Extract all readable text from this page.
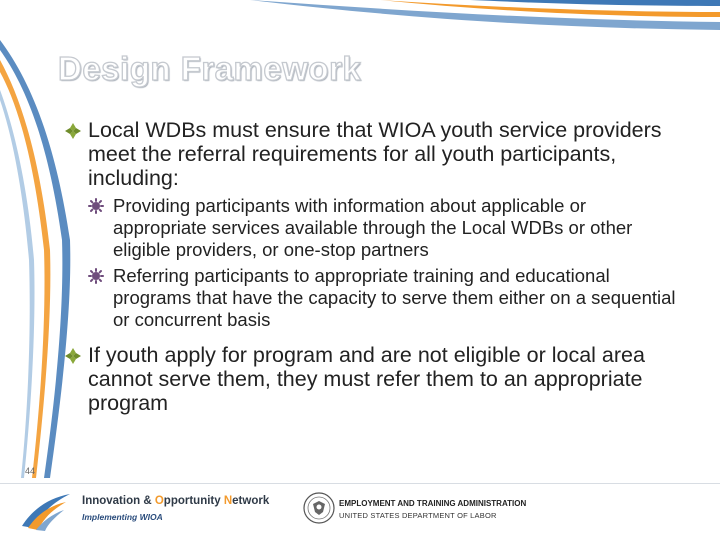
Design Framework
Local WDBs must ensure that WIOA youth service providers meet the referral requirements for all youth participants, including:
Providing participants with information about applicable or appropriate services available through the Local WDBs or other eligible providers, or one-stop partners
Referring participants to appropriate training and educational programs that have the capacity to serve them either on a sequential or concurrent basis
If youth apply for program and are not eligible or local area cannot serve them, they must refer them to an appropriate program
44
Innovation & Opportunity Network
Implementing WIOA
EMPLOYMENT AND TRAINING ADMINISTRATION
UNITED STATES DEPARTMENT OF LABOR
